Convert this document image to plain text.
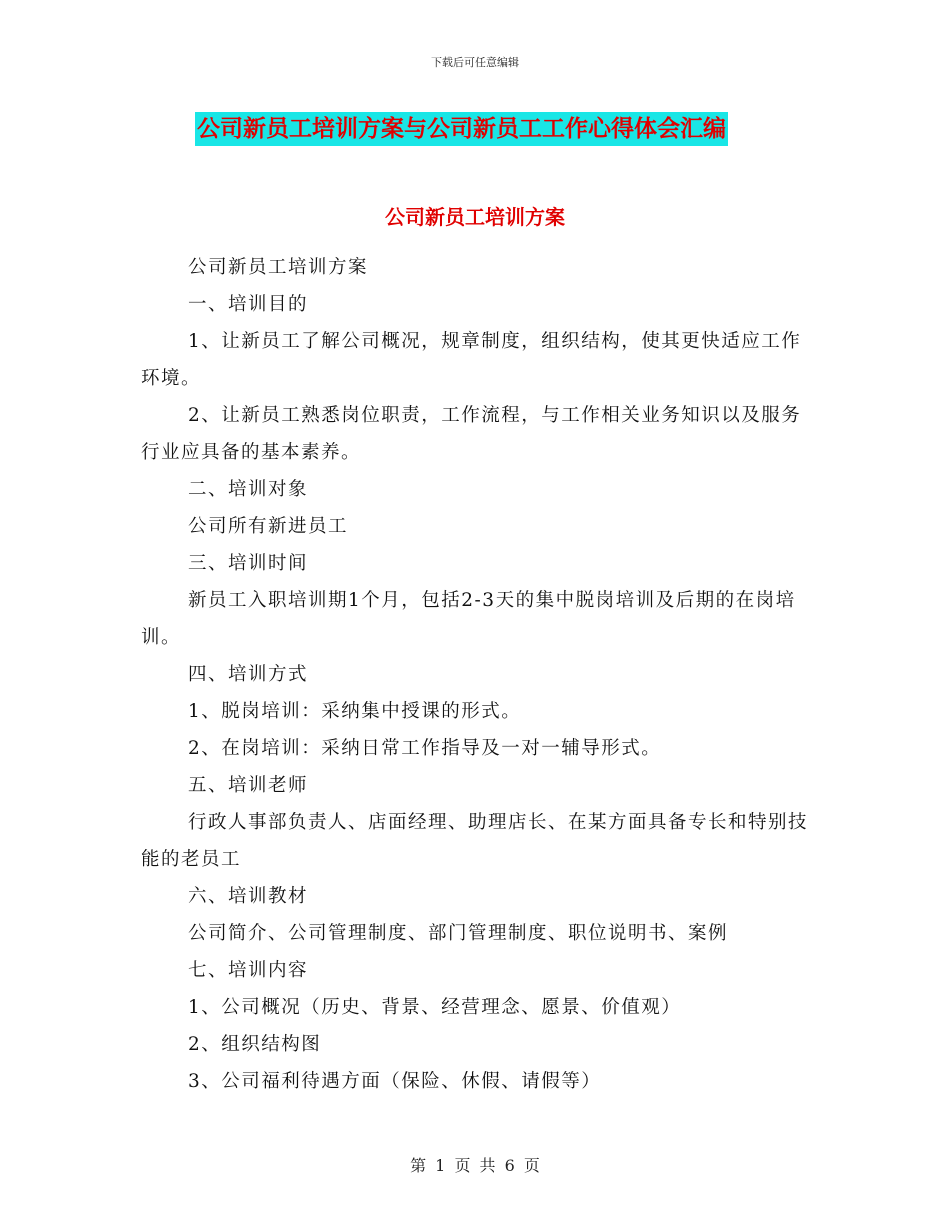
下载后可任意编辑
公司新员工培训方案与公司新员工工作心得体会汇编
公司新员工培训方案

公司新员工培训方案

一、培训目的

1、让新员工了解公司概况，规章制度，组织结构，使其更快适应工作环境。

2、让新员工熟悉岗位职责，工作流程，与工作相关业务知识以及服务行业应具备的基本素养。

二、培训对象

公司所有新进员工

三、培训时间

新员工入职培训期1个月，包括2-3天的集中脱岗培训及后期的在岗培训。

四、培训方式

1、脱岗培训：采纳集中授课的形式。

2、在岗培训：采纳日常工作指导及一对一辅导形式。

五、培训老师

行政人事部负责人、店面经理、助理店长、在某方面具备专长和特别技能的老员工

六、培训教材

公司简介、公司管理制度、部门管理制度、职位说明书、案例

七、培训内容

1、公司概况（历史、背景、经营理念、愿景、价值观）

2、组织结构图

3、公司福利待遇方面（保险、休假、请假等）

第 1 页 共 6 页
